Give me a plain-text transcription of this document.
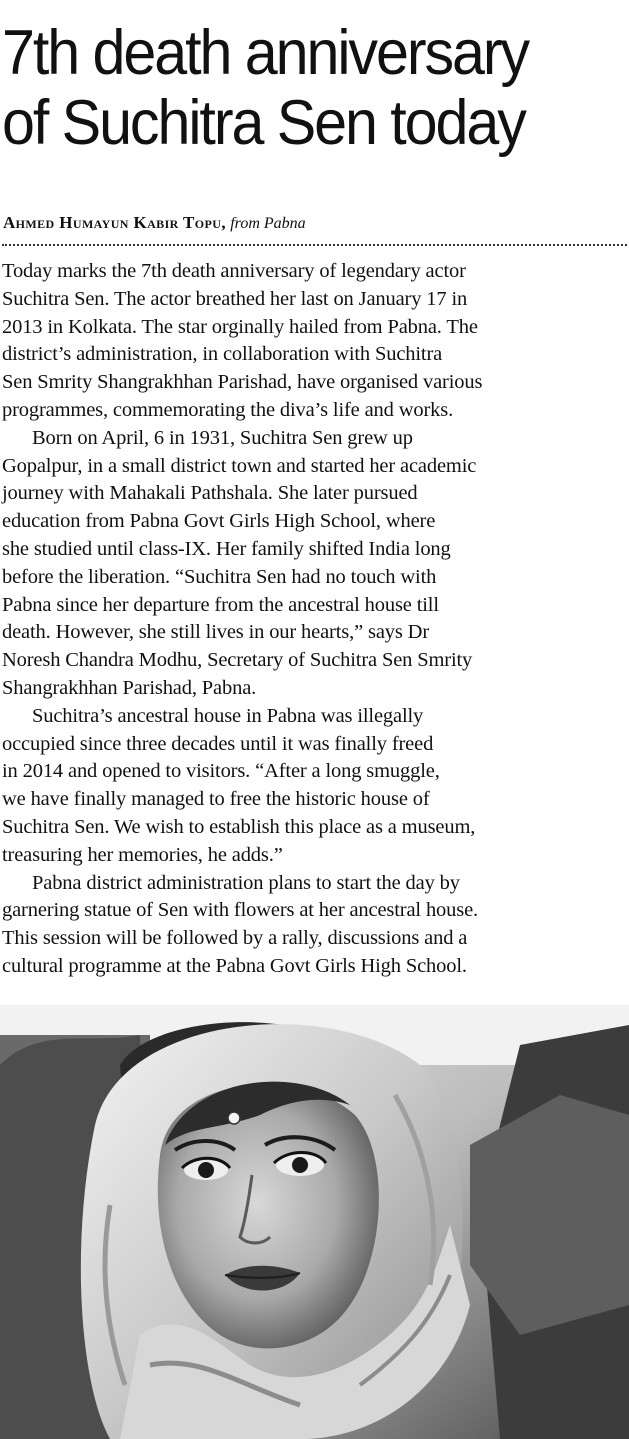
7th death anniversary
of Suchitra Sen today
Ahmed Humayun Kabir Topu, from Pabna
Today marks the 7th death anniversary of legendary actor
Suchitra Sen. The actor breathed her last on January 17 in
2013 in Kolkata. The star orginally hailed from Pabna. The
district’s administration, in collaboration with Suchitra
Sen Smrity Shangrakhhan Parishad, have organised various
programmes, commemorating the diva’s life and works.
Born on April, 6 in 1931, Suchitra Sen grew up
Gopalpur, in a small district town and started her academic
journey with Mahakali Pathshala. She later pursued
education from Pabna Govt Girls High School, where
she studied until class-IX. Her family shifted India long
before the liberation. “Suchitra Sen had no touch with
Pabna since her departure from the ancestral house till
death. However, she still lives in our hearts,” says Dr
Noresh Chandra Modhu, Secretary of Suchitra Sen Smrity
Shangrakhhan Parishad, Pabna.
Suchitra’s ancestral house in Pabna was illegally
occupied since three decades until it was finally freed
in 2014 and opened to visitors. “After a long smuggle,
we have finally managed to free the historic house of
Suchitra Sen. We wish to establish this place as a museum,
treasuring her memories, he adds.”
Pabna district administration plans to start the day by
garnering statue of Sen with flowers at her ancestral house.
This session will be followed by a rally, discussions and a
cultural programme at the Pabna Govt Girls High School.
